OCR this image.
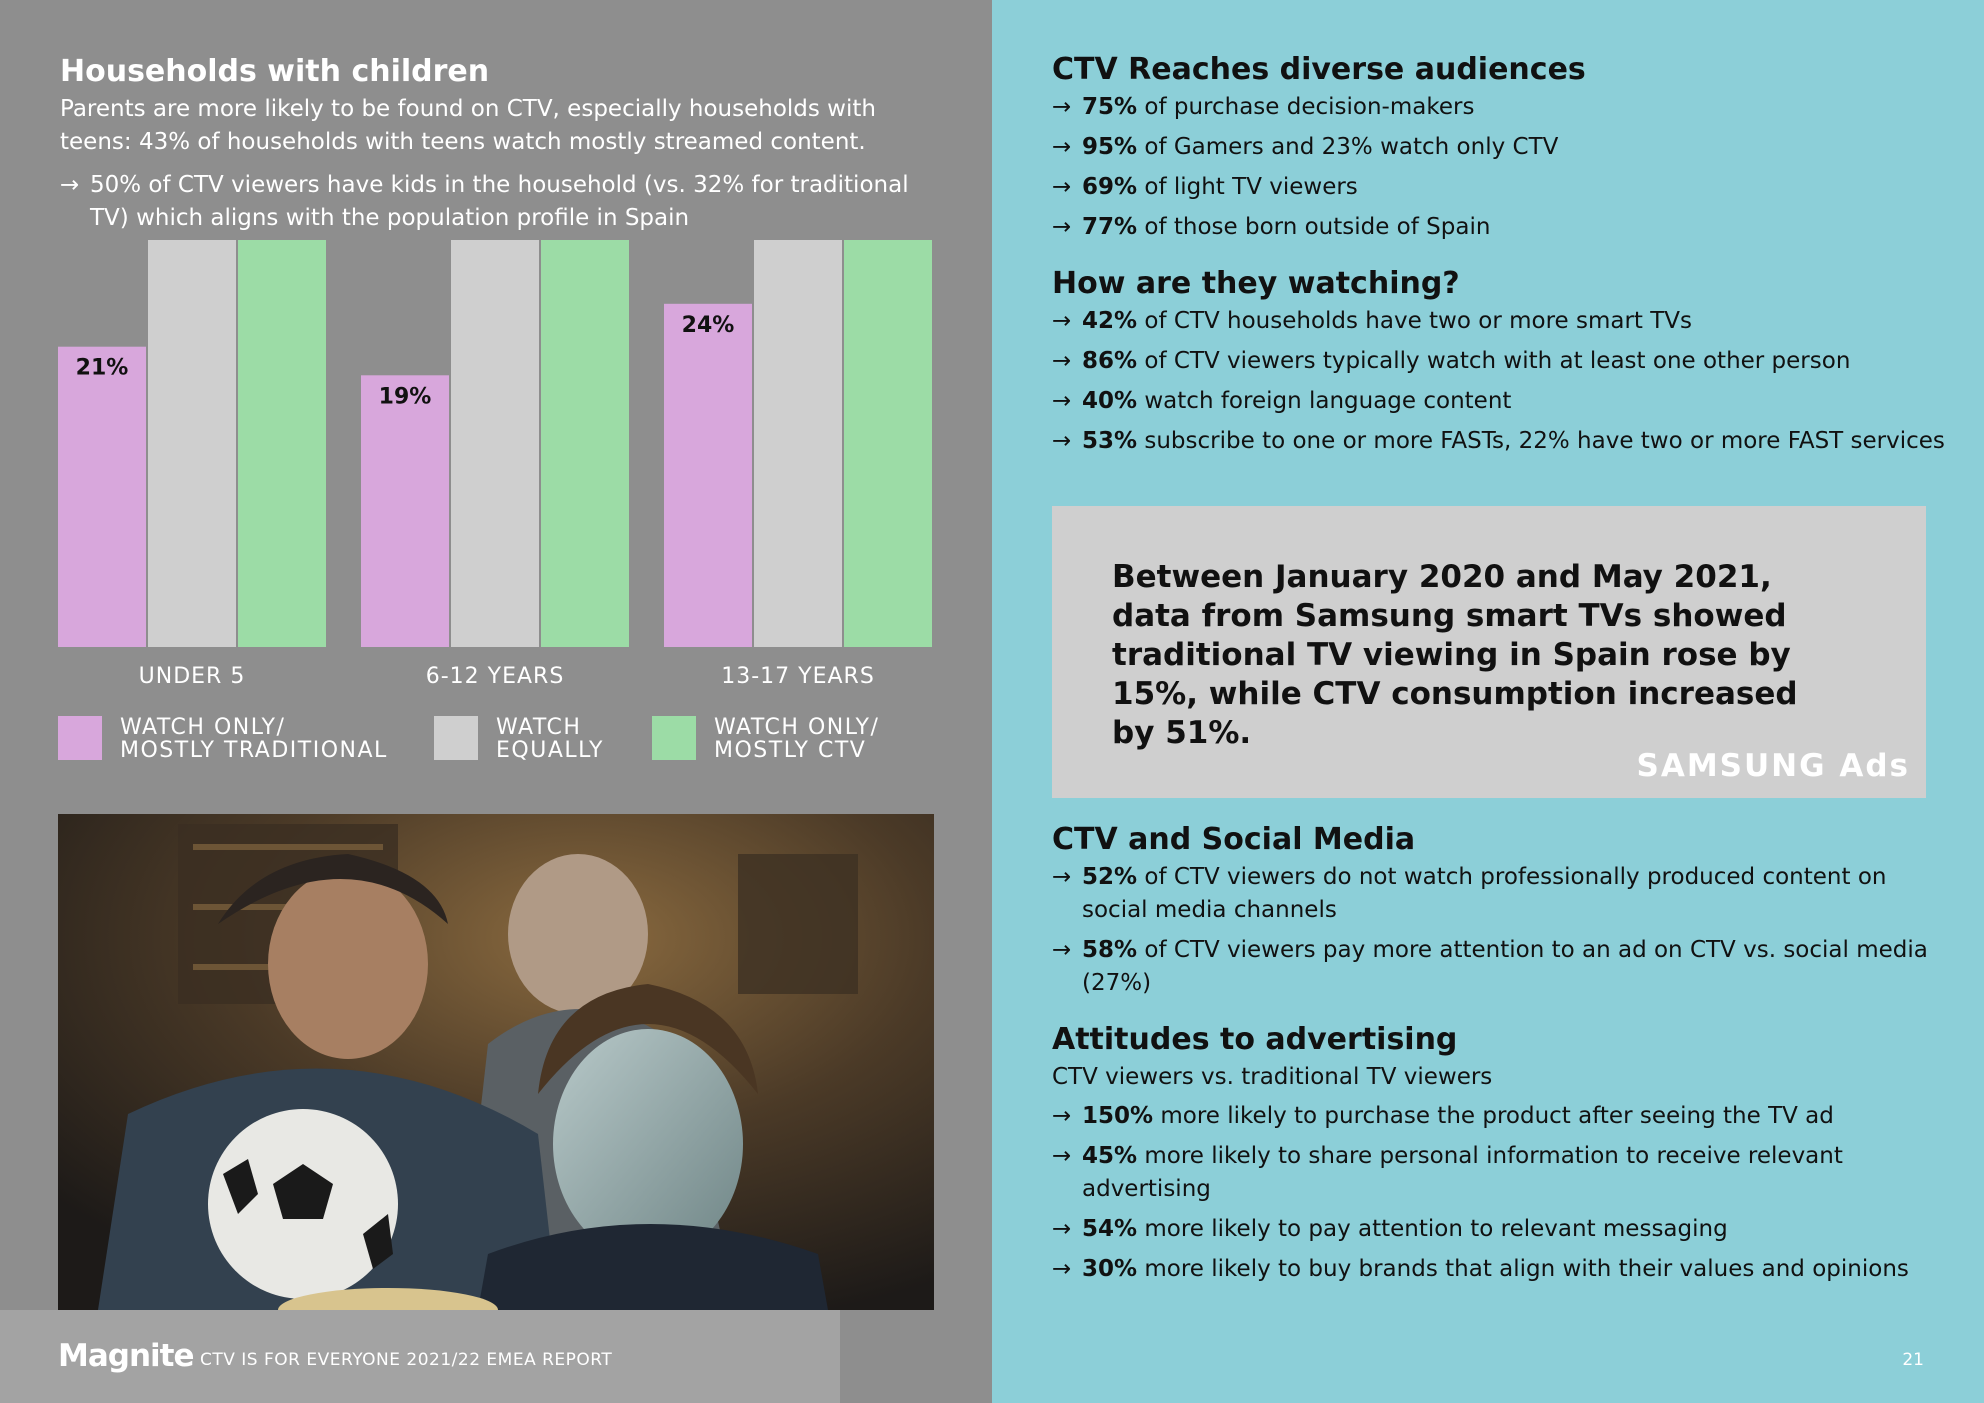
Households with children

Parents are more likely to be found on CTV, especially households with teens: 43% of households with teens watch mostly streamed content.

→ 50% of CTV viewers have kids in the household (vs. 32% for traditional TV) which aligns with the population profile in Spain
21%
UNDER 5
19%
6-12 YEARS
24%
13-17 YEARS
WATCH ONLY/
MOSTLY TRADITIONAL
WATCH
EQUALLY
WATCH ONLY/
MOSTLY CTV
Magnite CTV IS FOR EVERYONE 2021/22 EMEA REPORT
CTV Reaches diverse audiences
→ 75% of purchase decision-makers
→ 95% of Gamers and 23% watch only CTV
→ 69% of light TV viewers
→ 77% of those born outside of Spain
How are they watching?
→ 42% of CTV households have two or more smart TVs
→ 86% of CTV viewers typically watch with at least one other person
→ 40% watch foreign language content
→ 53% subscribe to one or more FASTs, 22% have two or more FAST services
Between January 2020 and May 2021, data from Samsung smart TVs showed traditional TV viewing in Spain rose by 15%, while CTV consumption increased by 51%.
SAMSUNG Ads
CTV and Social Media
→ 52% of CTV viewers do not watch professionally produced content on social media channels
→ 58% of CTV viewers pay more attention to an ad on CTV vs. social media (27%)
Attitudes to advertising
CTV viewers vs. traditional TV viewers
→ 150% more likely to purchase the product after seeing the TV ad
→ 45% more likely to share personal information to receive relevant advertising
→ 54% more likely to pay attention to relevant messaging
→ 30% more likely to buy brands that align with their values and opinions
21
